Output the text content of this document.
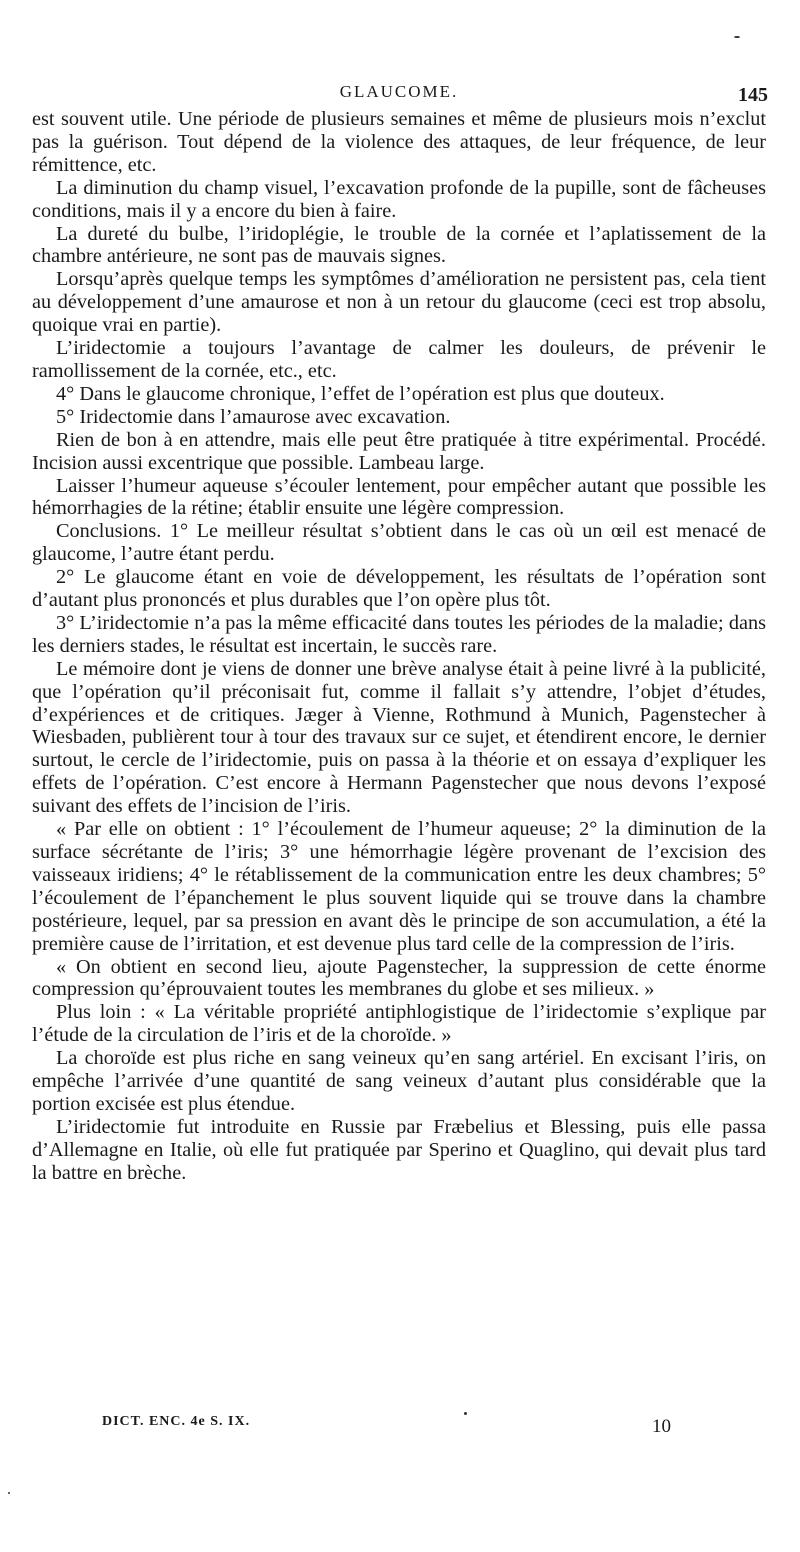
GLAUCOME.	145

est souvent utile. Une période de plusieurs semaines et même de plusieurs mois n’exclut pas la guérison. Tout dépend de la violence des attaques, de leur fréquence, de leur rémittence, etc.

La diminution du champ visuel, l’excavation profonde de la pupille, sont de fâcheuses conditions, mais il y a encore du bien à faire.

La dureté du bulbe, l’iridoplégie, le trouble de la cornée et l’aplatissement de la chambre antérieure, ne sont pas de mauvais signes.

Lorsqu’après quelque temps les symptômes d’amélioration ne persistent pas, cela tient au développement d’une amaurose et non à un retour du glaucome (ceci est trop absolu, quoique vrai en partie).

L’iridectomie a toujours l’avantage de calmer les douleurs, de prévenir le ramollissement de la cornée, etc., etc.

4° Dans le glaucome chronique, l’effet de l’opération est plus que douteux.

5° Iridectomie dans l’amaurose avec excavation.

Rien de bon à en attendre, mais elle peut être pratiquée à titre expérimental. Procédé. Incision aussi excentrique que possible. Lambeau large.

Laisser l’humeur aqueuse s’écouler lentement, pour empêcher autant que possible les hémorrhagies de la rétine; établir ensuite une légère compression.

Conclusions. 1° Le meilleur résultat s’obtient dans le cas où un œil est menacé de glaucome, l’autre étant perdu.

2° Le glaucome étant en voie de développement, les résultats de l’opération sont d’autant plus prononcés et plus durables que l’on opère plus tôt.

3° L’iridectomie n’a pas la même efficacité dans toutes les périodes de la maladie; dans les derniers stades, le résultat est incertain, le succès rare.

Le mémoire dont je viens de donner une brève analyse était à peine livré à la publicité, que l’opération qu’il préconisait fut, comme il fallait s’y attendre, l’objet d’études, d’expériences et de critiques. Jæger à Vienne, Rothmund à Munich, Pagenstecher à Wiesbaden, publièrent tour à tour des travaux sur ce sujet, et étendirent encore, le dernier surtout, le cercle de l’iridectomie, puis on passa à la théorie et on essaya d’expliquer les effets de l’opération. C’est encore à Hermann Pagenstecher que nous devons l’exposé suivant des effets de l’incision de l’iris.

« Par elle on obtient : 1° l’écoulement de l’humeur aqueuse; 2° la diminution de la surface sécrétante de l’iris; 3° une hémorrhagie légère provenant de l’excision des vaisseaux iridiens; 4° le rétablissement de la communication entre les deux chambres; 5° l’écoulement de l’épanchement le plus souvent liquide qui se trouve dans la chambre postérieure, lequel, par sa pression en avant dès le principe de son accumulation, a été la première cause de l’irritation, et est devenue plus tard celle de la compression de l’iris.

« On obtient en second lieu, ajoute Pagenstecher, la suppression de cette énorme compression qu’éprouvaient toutes les membranes du globe et ses milieux. »

Plus loin : « La véritable propriété antiphlogistique de l’iridectomie s’explique par l’étude de la circulation de l’iris et de la choroïde. »

La choroïde est plus riche en sang veineux qu’en sang artériel. En excisant l’iris, on empêche l’arrivée d’une quantité de sang veineux d’autant plus considérable que la portion excisée est plus étendue.

L’iridectomie fut introduite en Russie par Fræbelius et Blessing, puis elle passa d’Allemagne en Italie, où elle fut pratiquée par Sperino et Quaglino, qui devait plus tard la battre en brèche.

DICT. ENC. 4e S. IX.	10
